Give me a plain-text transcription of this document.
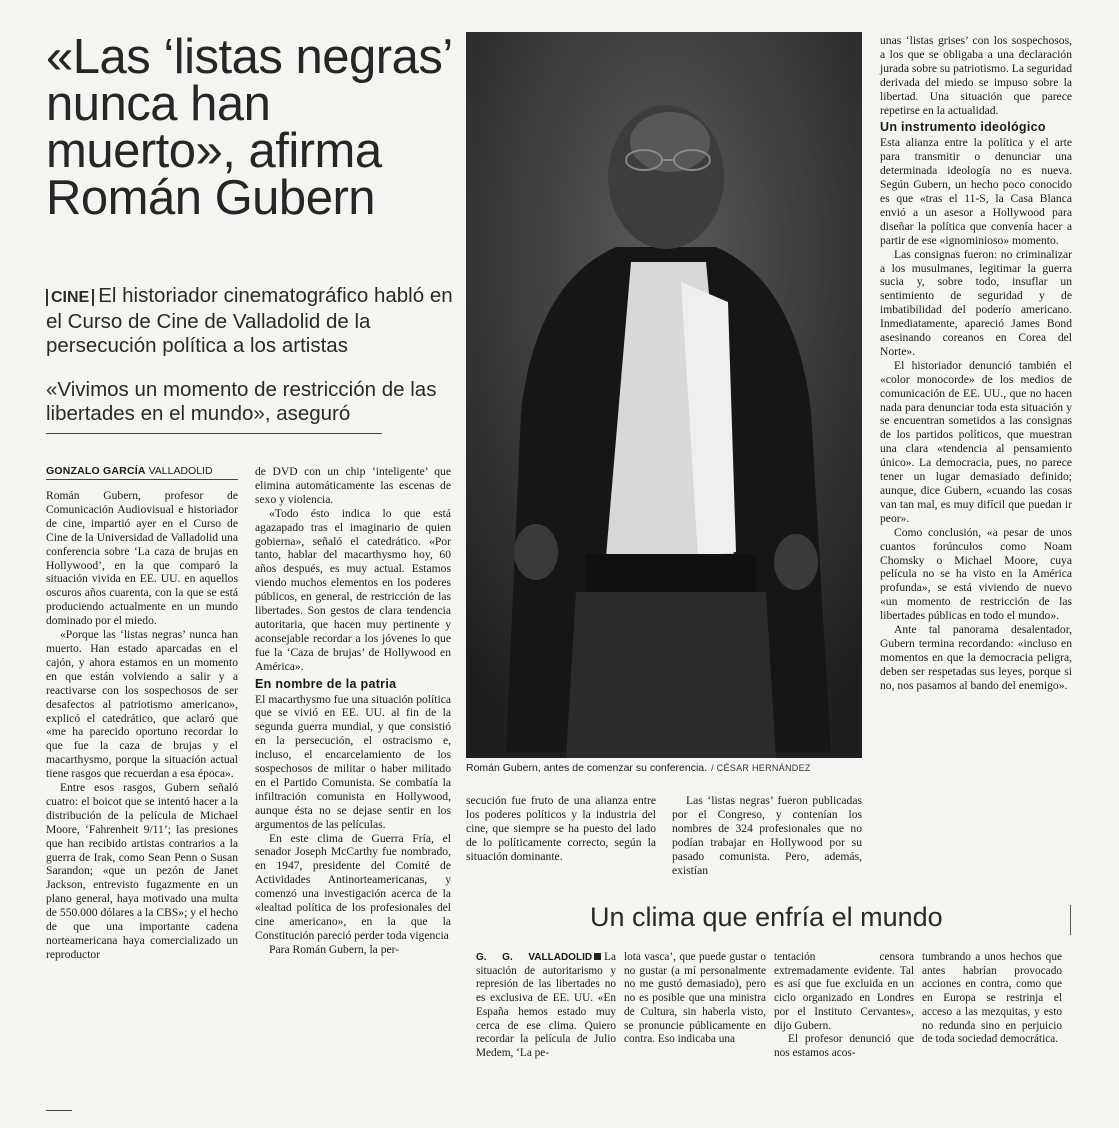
«Las ‘listas negras’ nunca han muerto», afirma Román Gubern
CINE El historiador cinematográfico habló en el Curso de Cine de Valladolid de la persecución política a los artistas
«Vivimos un momento de restricción de las libertades en el mundo», aseguró
GONZALO GARCÍA VALLADOLID

Román Gubern, profesor de Comunicación Audiovisual e historiador de cine, impartió ayer en el Curso de Cine de la Universidad de Valladolid una conferencia sobre ‘La caza de brujas en Hollywood’, en la que comparó la situación vivida en EE. UU. en aquellos oscuros años cuarenta, con la que se está produciendo actualmente en un mundo dominado por el miedo.

«Porque las ‘listas negras’ nunca han muerto. Han estado aparcadas en el cajón, y ahora estamos en un momento en que están volviendo a salir y a reactivarse con los sospechosos de ser desafectos al patriotismo americano», explicó el catedrático, que aclaró que «me ha parecido oportuno recordar lo que fue la caza de brujas y el macarthysmo, porque la situación actual tiene rasgos que recuerdan a esa época».

Entre esos rasgos, Gubern señaló cuatro: el boicot que se intentó hacer a la distribución de la película de Michael Moore, ‘Fahrenheit 9/11’; las presiones que han recibido artistas contrarios a la guerra de Irak, como Sean Penn o Susan Sarandon; «que un pezón de Janet Jackson, entrevisto fugazmente en un plano general, haya motivado una multa de 550.000 dólares a la CBS»; y el hecho de que una importante cadena norteamericana haya comercializado un reproductor

de DVD con un chip ‘inteligente’ que elimina automáticamente las escenas de sexo y violencia.

«Todo ésto indica lo que está agazapado tras el imaginario de quien gobierna», señaló el catedrático. «Por tanto, hablar del macarthysmo hoy, 60 años después, es muy actual. Estamos viendo muchos elementos en los poderes públicos, en general, de restricción de las libertades. Son gestos de clara tendencia autoritaria, que hacen muy pertinente y aconsejable recordar a los jóvenes lo que fue la ‘Caza de brujas’ de Hollywood en América».

En nombre de la patria

El macarthysmo fue una situación política que se vivió en EE. UU. al fin de la segunda guerra mundial, y que consistió en la persecución, el ostracismo e, incluso, el encarcelamiento de los sospechosos de militar o haber militado en el Partido Comunista. Se combatía la infiltración comunista en Hollywood, aunque ésta no se dejase sentir en los argumentos de las películas.

En este clima de Guerra Fría, el senador Joseph McCarthy fue nombrado, en 1947, presidente del Comité de Actividades Antinorteamericanas, y comenzó una investigación acerca de la «lealtad política de los profesionales del cine americano», en la que la Constitución pareció perder toda vigencia

Para Román Gubern, la per-

Román Gubern, antes de comenzar su conferencia. / CÉSAR HERNÁNDEZ

secución fue fruto de una alianza entre los poderes políticos y la industria del cine, que siempre se ha puesto del lado de lo políticamente correcto, según la situación dominante.

Las ‘listas negras’ fueron publicadas por el Congreso, y contenían los nombres de 324 profesionales que no podían trabajar en Hollywood por su pasado comunista. Pero, además, existían

unas ‘listas grises’ con los sospechosos, a los que se obligaba a una declaración jurada sobre su patriotismo. La seguridad derivada del miedo se impuso sobre la libertad. Una situación que parece repetirse en la actualidad.

Un instrumento ideológico

Esta alianza entre la política y el arte para transmitir o denunciar una determinada ideología no es nueva. Según Gubern, un hecho poco conocido es que «tras el 11-S, la Casa Blanca envió a un asesor a Hollywood para diseñar la política que convenía hacer a partir de ese «ignominioso» momento.

Las consignas fueron: no criminalizar a los musulmanes, legitimar la guerra sucia y, sobre todo, insuflar un sentimiento de seguridad y de imbatibilidad del poderío americano. Inmediatamente, apareció James Bond asesinando coreanos en Corea del Norte».

El historiador denunció también el «color monocorde» de los medios de comunicación de EE. UU., que no hacen nada para denunciar toda esta situación y se encuentran sometidos a las consignas de los partidos políticos, que muestran una clara «tendencia al pensamiento único». La democracia, pues, no parece tener un lugar demasiado definido; aunque, dice Gubern, «cuando las cosas van tan mal, es muy difícil que puedan ir peor».

Como conclusión, «a pesar de unos cuantos forúnculos como Noam Chomsky o Michael Moore, cuya película no se ha visto en la América profunda», se está viviendo de nuevo «un momento de restricción de las libertades públicas en todo el mundo».

Ante tal panorama desalentador, Gubern termina recordando: «incluso en momentos en que la democracia peligra, deben ser respetadas sus leyes, porque si no, nos pasamos al bando del enemigo».

Un clima que enfría el mundo

G. G. VALLADOLID La situación de autoritarismo y represión de las libertades no es exclusiva de EE. UU. «En España hemos estado muy cerca de ese clima. Quiero recordar la película de Julio Medem, ‘La pe-

lota vasca’, que puede gustar o no gustar (a mí personalmente no me gustó demasiado), pero no es posible que una ministra de Cultura, sin haberla visto, se pronuncie públicamente en contra. Eso indicaba una

tentación censora extremadamente evidente. Tal es así que fue excluida en un ciclo organizado en Londres por el Instituto Cervantes», dijo Gubern.

El profesor denunció que nos estamos acos-

tumbrando a unos hechos que antes habrían provocado acciones en contra, como que en Europa se restrinja el acceso a las mezquitas, y esto no redunda sino en perjuicio de toda sociedad democrática.
